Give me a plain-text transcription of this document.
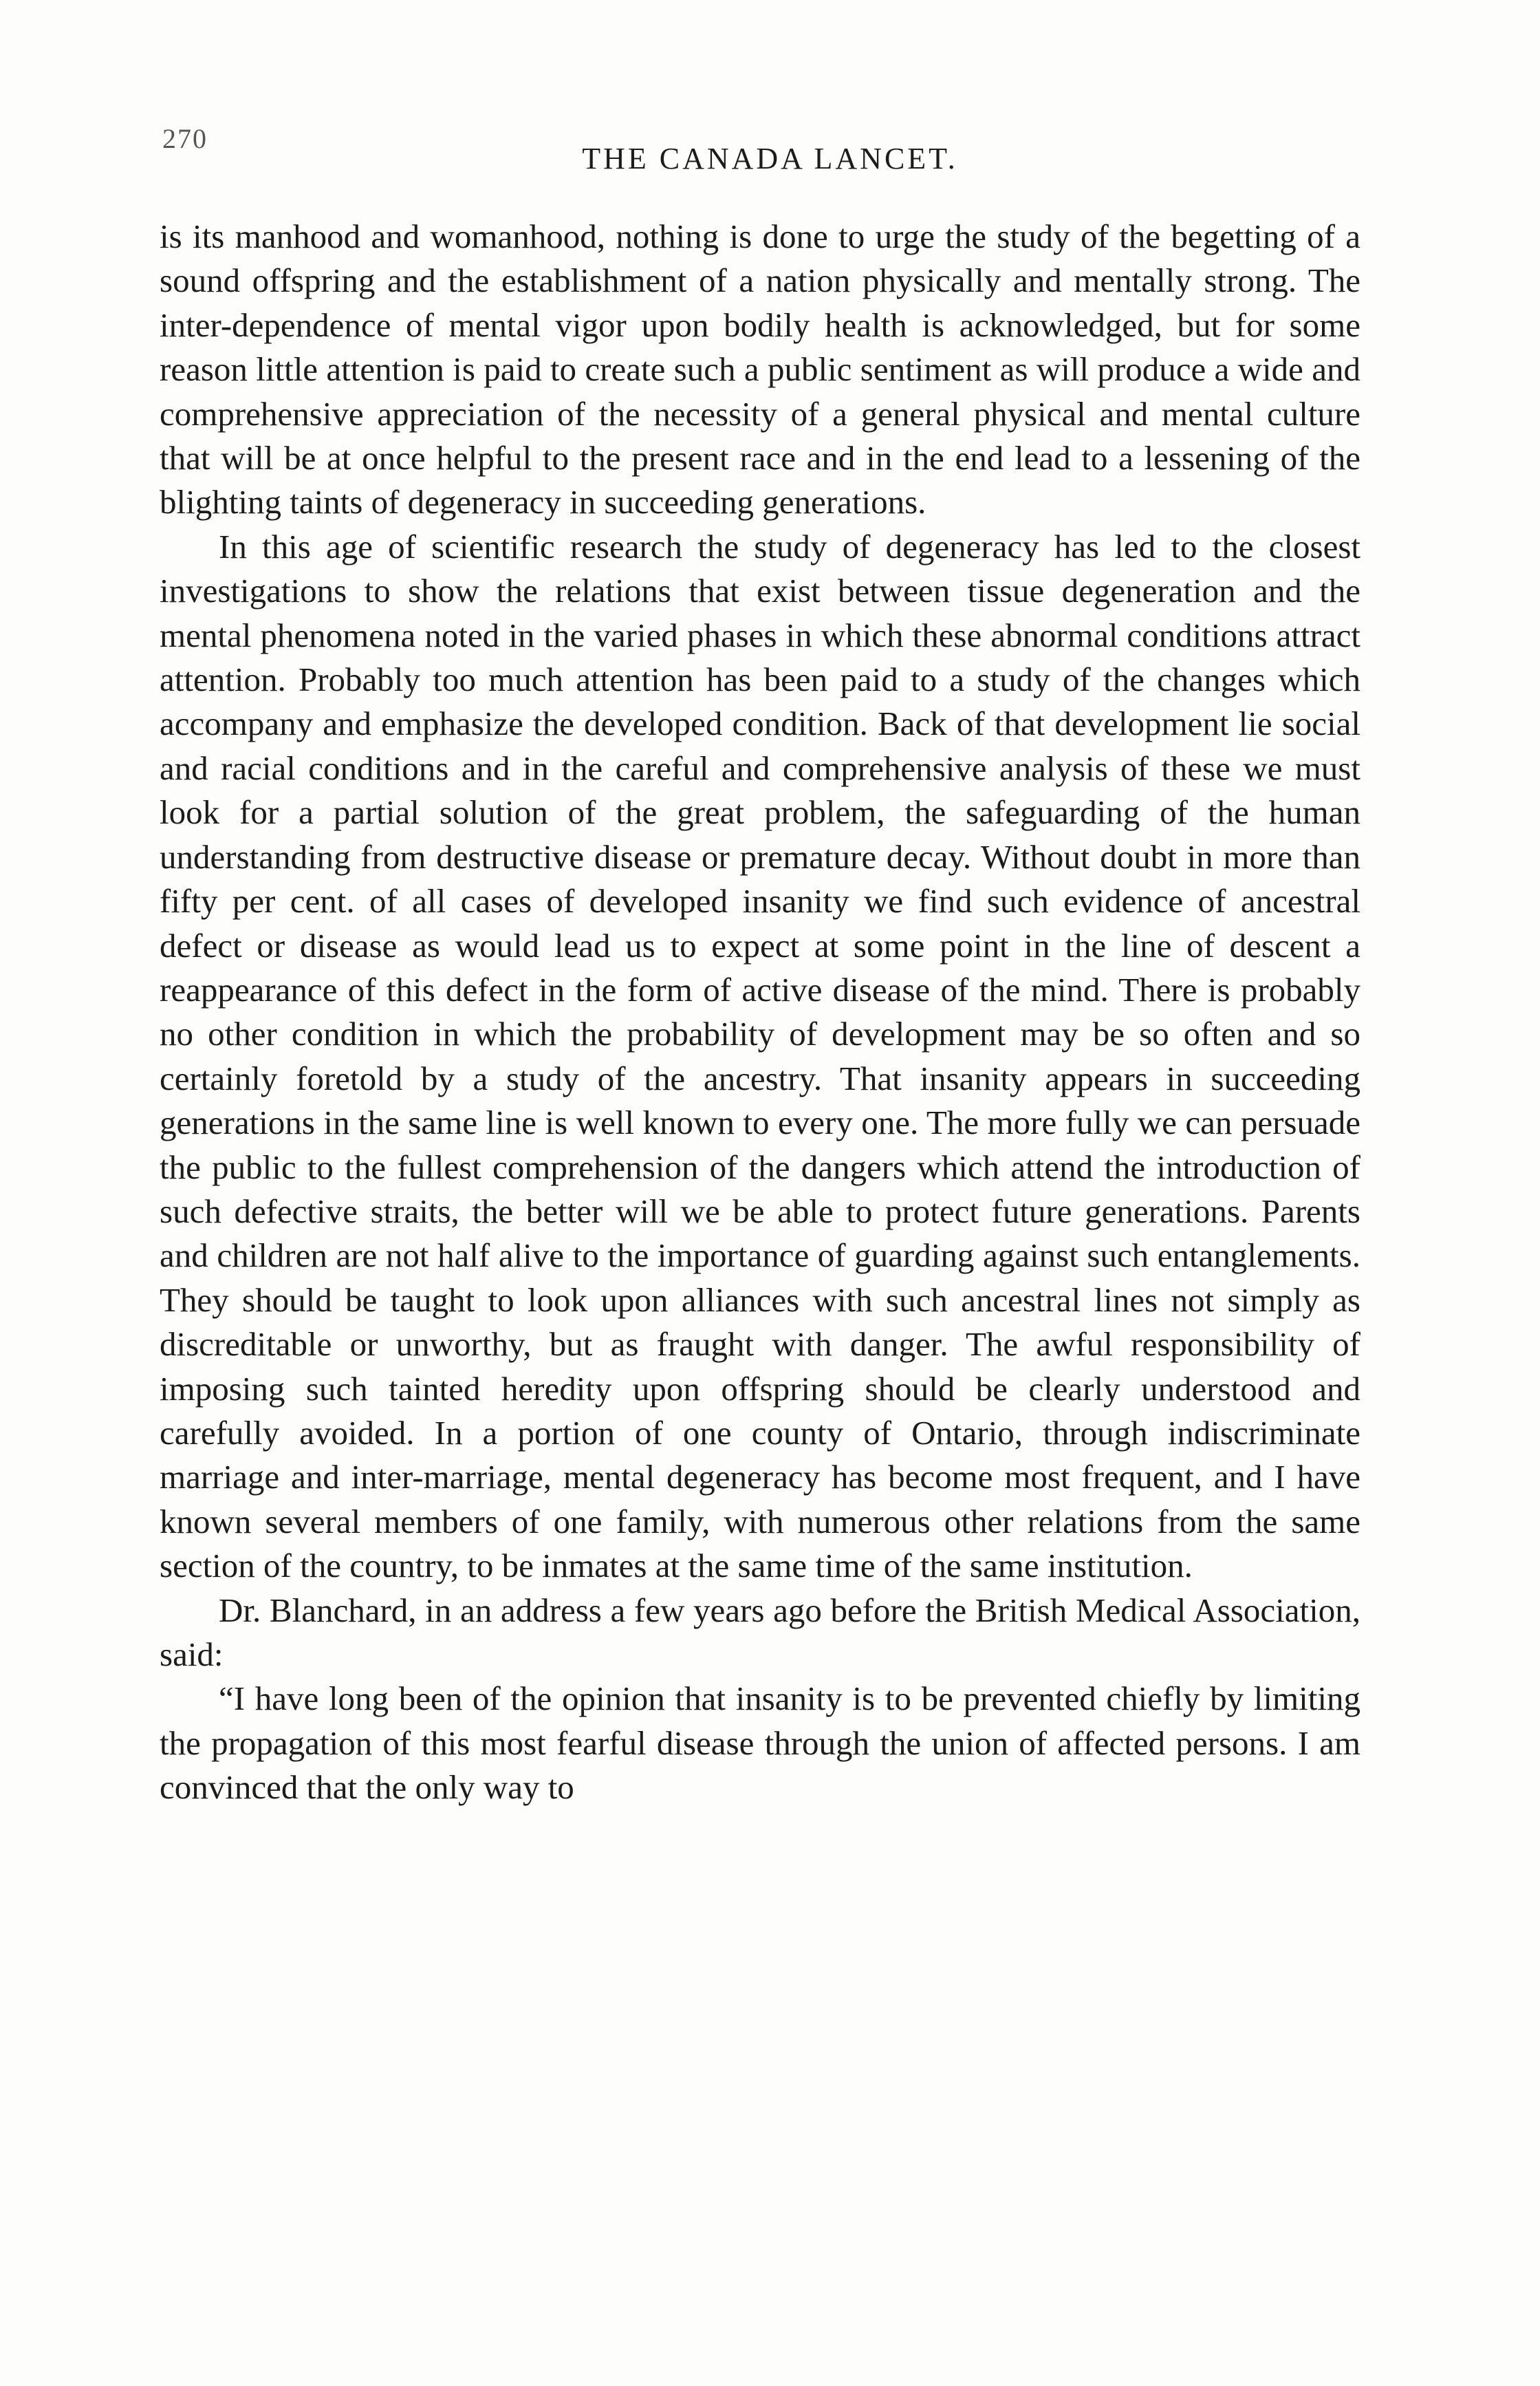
270
THE CANADA LANCET.

is its manhood and womanhood, nothing is done to urge the study of the begetting of a sound offspring and the establishment of a nation physically and mentally strong. The inter-dependence of mental vigor upon bodily health is acknowledged, but for some reason little attention is paid to create such a public sentiment as will produce a wide and comprehensive appreciation of the necessity of a general physical and mental culture that will be at once helpful to the present race and in the end lead to a lessening of the blighting taints of degeneracy in succeeding generations.

In this age of scientific research the study of degeneracy has led to the closest investigations to show the relations that exist between tissue degeneration and the mental phenomena noted in the varied phases in which these abnormal conditions attract attention. Probably too much attention has been paid to a study of the changes which accompany and emphasize the developed condition. Back of that development lie social and racial conditions and in the careful and comprehensive analysis of these we must look for a partial solution of the great problem, the safeguarding of the human understanding from destructive disease or premature decay. Without doubt in more than fifty per cent. of all cases of developed insanity we find such evidence of ancestral defect or disease as would lead us to expect at some point in the line of descent a reappearance of this defect in the form of active disease of the mind. There is probably no other condition in which the probability of development may be so often and so certainly foretold by a study of the ancestry. That insanity appears in succeeding generations in the same line is well known to every one. The more fully we can persuade the public to the fullest comprehension of the dangers which attend the introduction of such defective straits, the better will we be able to protect future generations. Parents and children are not half alive to the importance of guarding against such entanglements. They should be taught to look upon alliances with such ancestral lines not simply as discreditable or unworthy, but as fraught with danger. The awful responsibility of imposing such tainted heredity upon offspring should be clearly understood and carefully avoided. In a portion of one county of Ontario, through indiscriminate marriage and inter-marriage, mental degeneracy has become most frequent, and I have known several members of one family, with numerous other relations from the same section of the country, to be inmates at the same time of the same institution.

Dr. Blanchard, in an address a few years ago before the British Medical Association, said:

“I have long been of the opinion that insanity is to be prevented chiefly by limiting the propagation of this most fearful disease through the union of affected persons. I am convinced that the only way to
